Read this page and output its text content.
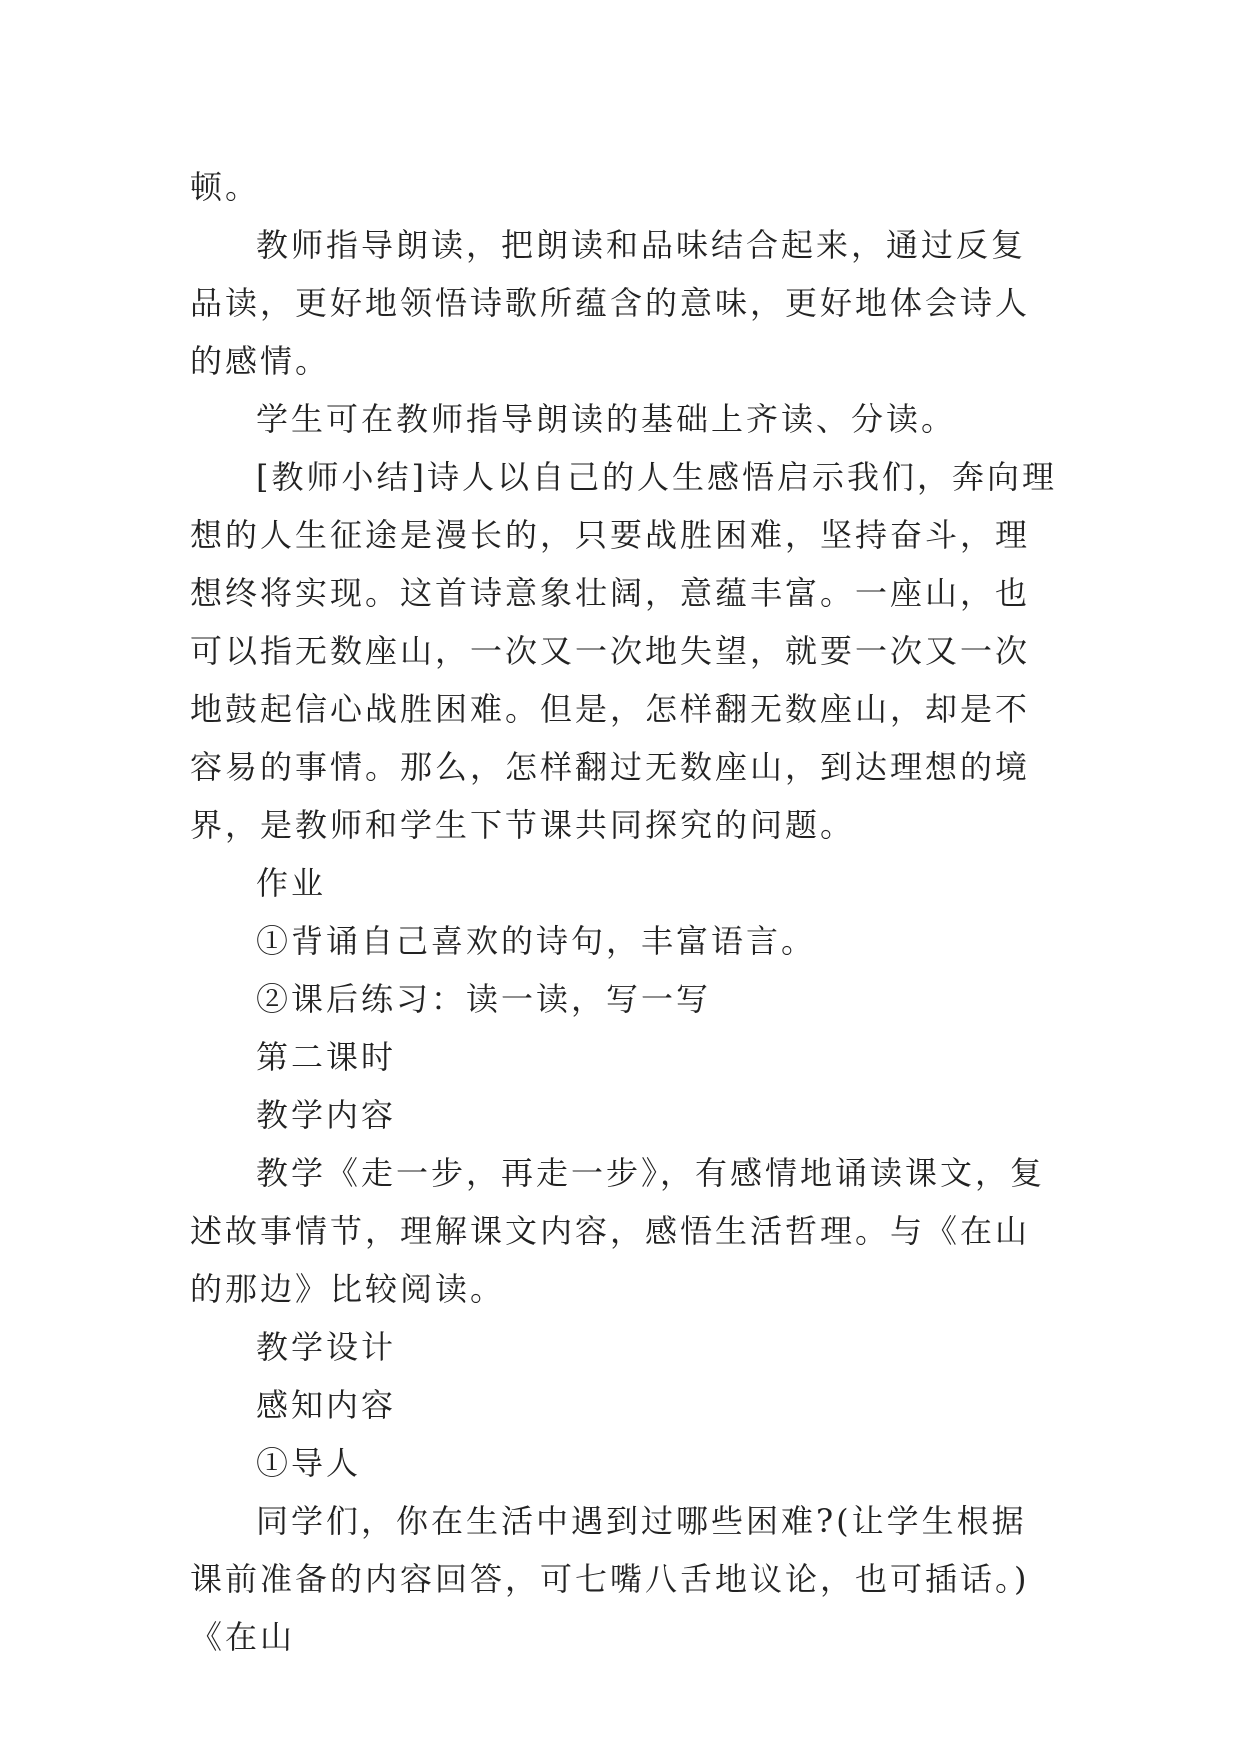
顿。

教师指导朗读，把朗读和品味结合起来，通过反复品读，更好地领悟诗歌所蕴含的意味，更好地体会诗人的感情。

学生可在教师指导朗读的基础上齐读、分读。

[教师小结]诗人以自己的人生感悟启示我们，奔向理想的人生征途是漫长的，只要战胜困难，坚持奋斗，理想终将实现。这首诗意象壮阔，意蕴丰富。一座山，也可以指无数座山，一次又一次地失望，就要一次又一次地鼓起信心战胜困难。但是，怎样翻无数座山，却是不容易的事情。那么，怎样翻过无数座山，到达理想的境界，是教师和学生下节课共同探究的问题。

作业

①背诵自己喜欢的诗句，丰富语言。

②课后练习：读一读，写一写

第二课时

教学内容

教学《走一步，再走一步》，有感情地诵读课文，复述故事情节，理解课文内容，感悟生活哲理。与《在山的那边》比较阅读。

教学设计

感知内容

①导人

同学们，你在生活中遇到过哪些困难?(让学生根据课前准备的内容回答，可七嘴八舌地议论，也可插话。)《在山
